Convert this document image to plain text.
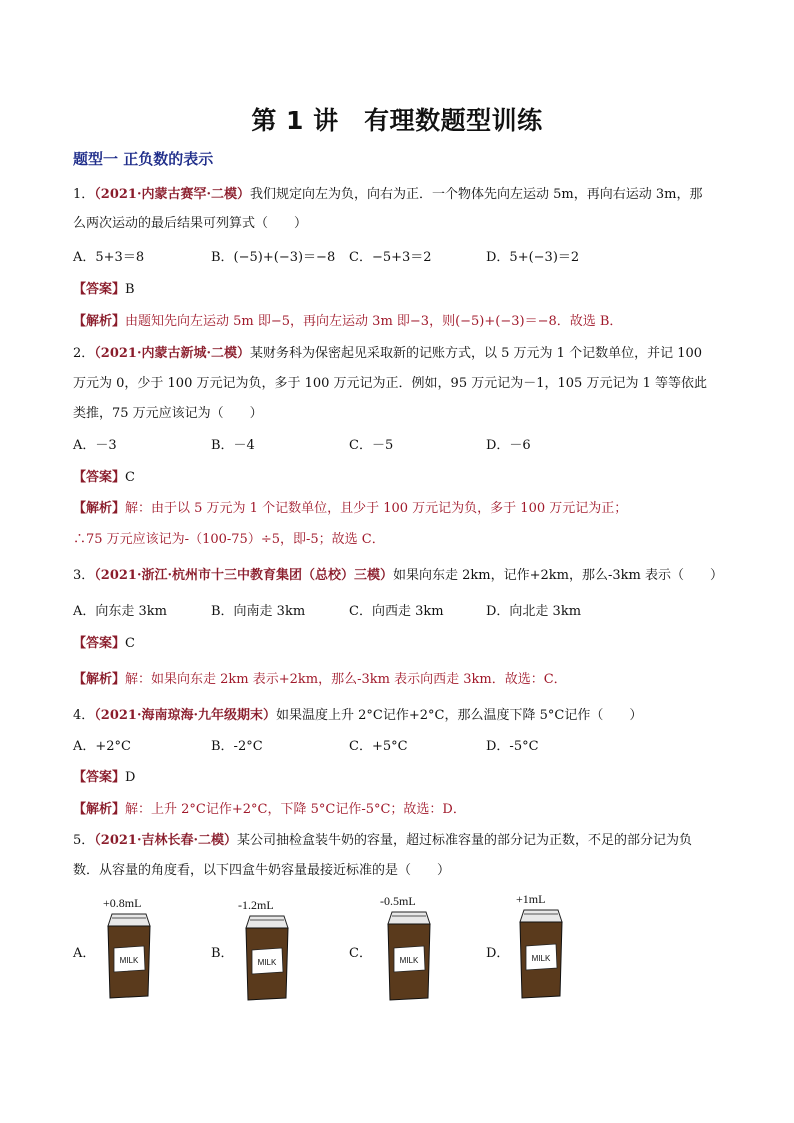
第 1 讲　有理数题型训练
题型一 正负数的表示
1．（2021·内蒙古赛罕·二模）我们规定向左为负，向右为正．一个物体先向左运动 5m，再向右运动 3m，那
么两次运动的最后结果可列算式（　　）
A．5+3＝8	B．(−5)+(−3)＝−8 C．−5+3＝2	D．5+(−3)＝2
【答案】B
【解析】由题知先向左运动 5m 即−5，再向左运动 3m 即−3，则(−5)+(−3)＝−8．故选 B．
2．（2021·内蒙古新城·二模）某财务科为保密起见采取新的记账方式，以 5 万元为 1 个记数单位，并记 100
万元为 0，少于 100 万元记为负，多于 100 万元记为正．例如，95 万元记为－1，105 万元记为 1 等等依此
类推，75 万元应该记为（　　）
A．－3	B．－4	C．－5	D．－6
【答案】C
【解析】解：由于以 5 万元为 1 个记数单位，且少于 100 万元记为负，多于 100 万元记为正；
∴75 万元应该记为-（100-75）÷5，即-5；故选 C．
3．（2021·浙江·杭州市十三中教育集团（总校）三模）如果向东走 2km，记作+2km，那么-3km 表示（　　）
A．向东走 3km	B．向南走 3km	C．向西走 3km	D．向北走 3km
【答案】C
【解析】解：如果向东走 2km 表示+2km，那么-3km 表示向西走 3km．故选：C．
4．（2021·海南琼海·九年级期末）如果温度上升 2°C记作+2°C，那么温度下降 5°C记作（　　）
A．+2°C	B．-2°C	C．+5°C	D．-5°C
【答案】D
【解析】解：上升 2°C记作+2°C，下降 5°C记作-5°C；故选：D．
5．（2021·吉林长春·二模）某公司抽检盒装牛奶的容量，超过标准容量的部分记为正数，不足的部分记为负
数．从容量的角度看，以下四盒牛奶容量最接近标准的是（　　）
A．
+0.8mL
MILK	B．
-1.2mL
MILK
C．
-0.5mL
MILK	D．
+1mL
MILK
